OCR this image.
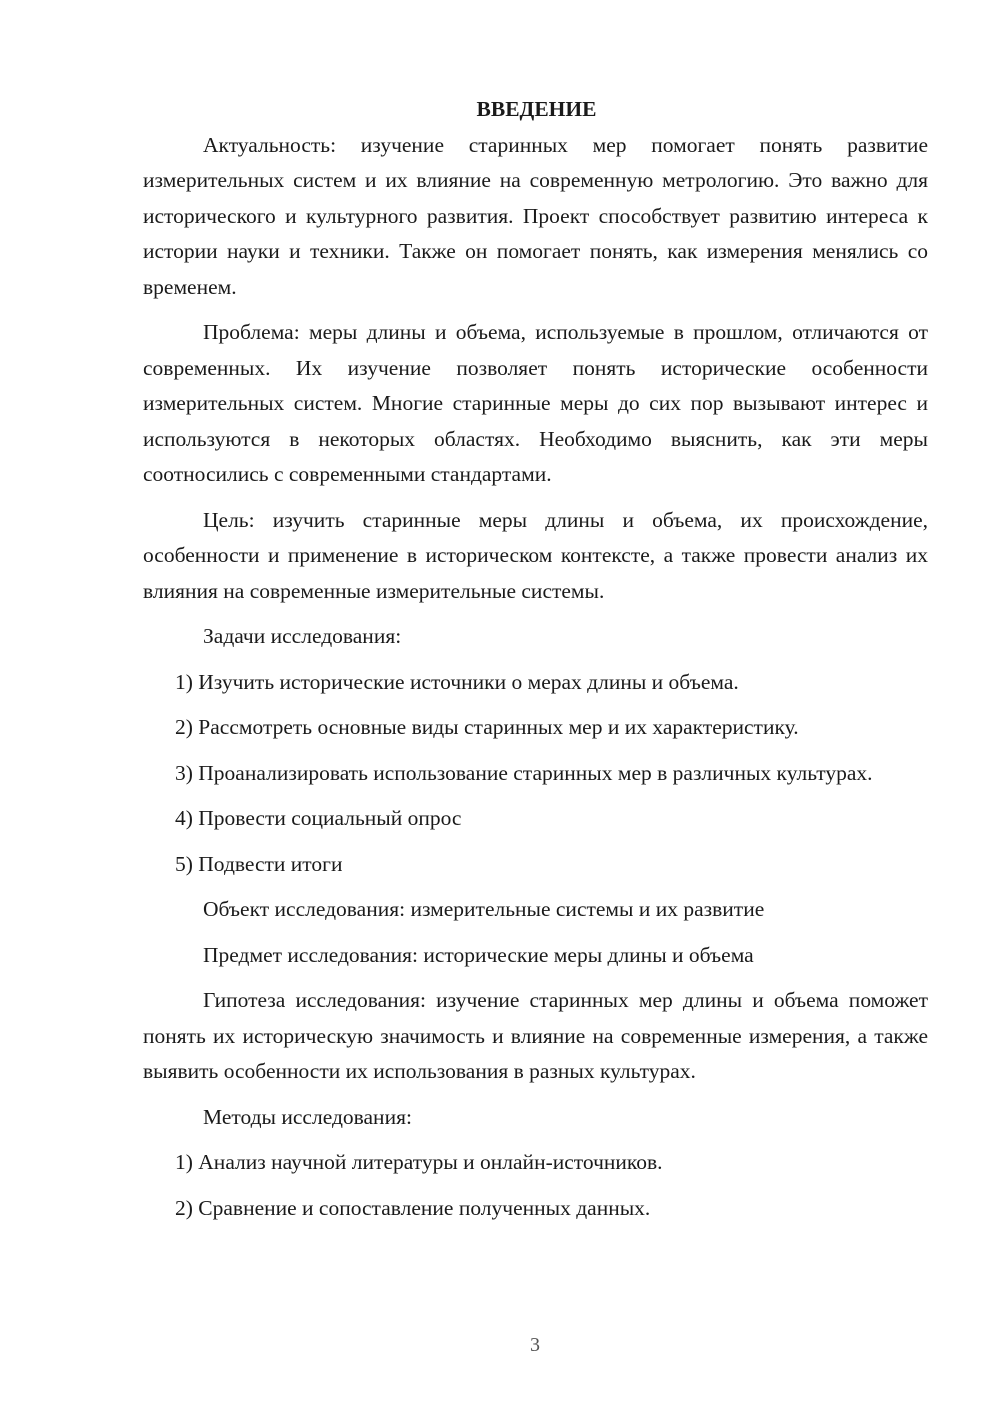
ВВЕДЕНИЕ

Актуальность: изучение старинных мер помогает понять развитие измерительных систем и их влияние на современную метрологию. Это важно для исторического и культурного развития. Проект способствует развитию интереса к истории науки и техники. Также он помогает понять, как измерения менялись со временем.

Проблема: меры длины и объема, используемые в прошлом, отличаются от современных. Их изучение позволяет понять исторические особенности измерительных систем. Многие старинные меры до сих пор вызывают интерес и используются в некоторых областях. Необходимо выяснить, как эти меры соотносились с современными стандартами.

Цель: изучить старинные меры длины и объема, их происхождение, особенности и применение в историческом контексте, а также провести анализ их влияния на современные измерительные системы.

Задачи исследования:

1) Изучить исторические источники о мерах длины и объема.

2) Рассмотреть основные виды старинных мер и их характеристику.

3) Проанализировать использование старинных мер в различных культурах.

4) Провести социальный опрос

5) Подвести итоги

Объект исследования: измерительные системы и их развитие

Предмет исследования: исторические меры длины и объема

Гипотеза исследования: изучение старинных мер длины и объема поможет понять их историческую значимость и влияние на современные измерения, а также выявить особенности их использования в разных культурах.

Методы исследования:

1) Анализ научной литературы и онлайн-источников.

2) Сравнение и сопоставление полученных данных.

3
